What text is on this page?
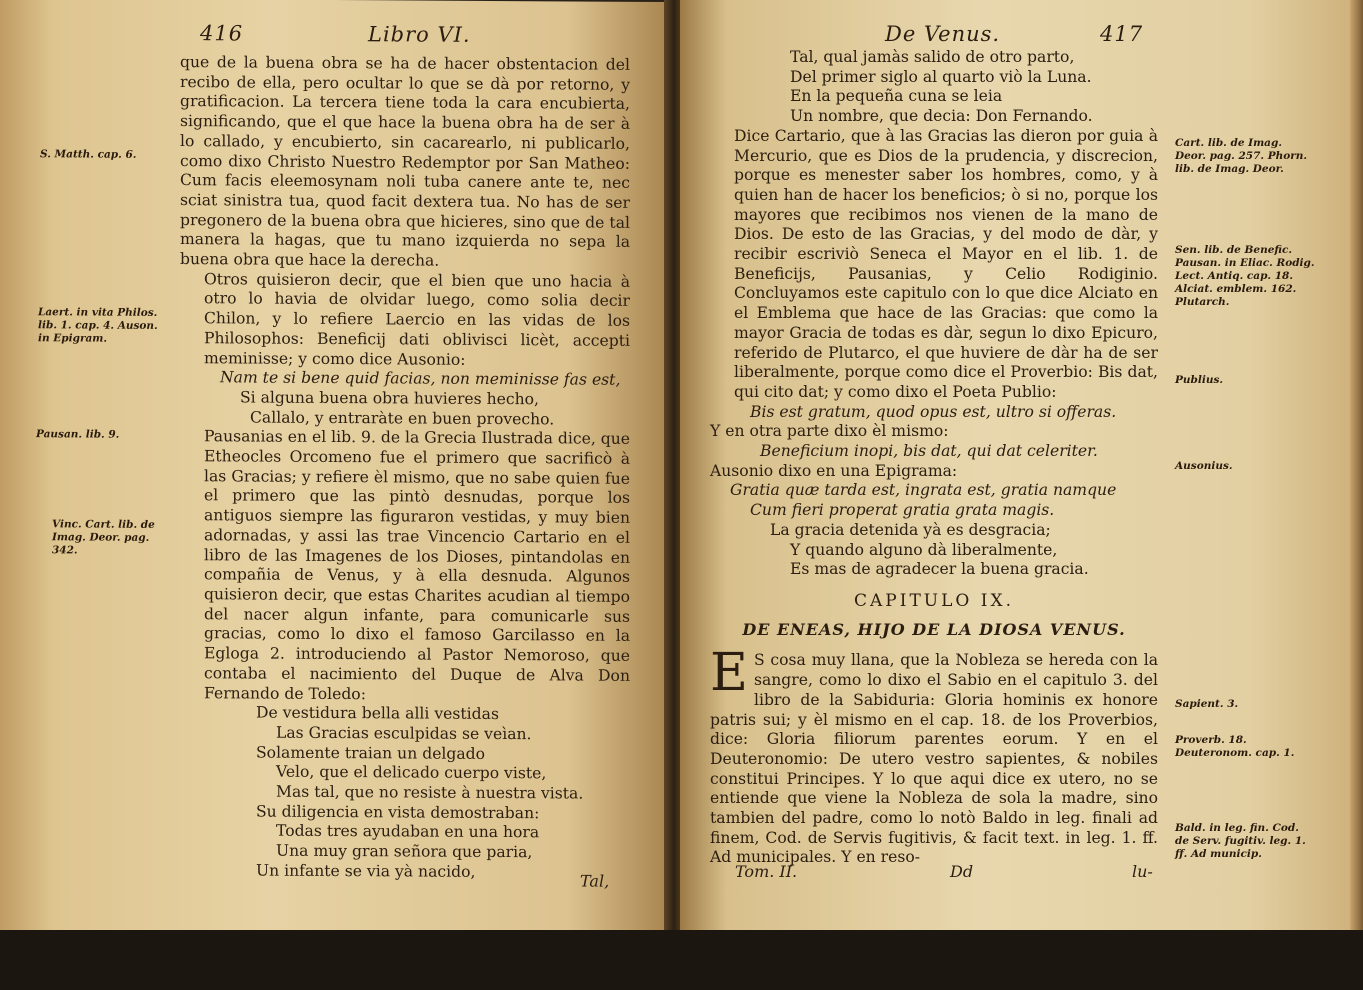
416	Libro VI.
S. Matth. cap. 6.
Laert. in vita Philos. lib. 1. cap. 4. Auson. in Epigram.
Pausan. lib. 9.
Vinc. Cart. lib. de Imag. Deor. pag. 342.

que de la buena obra se ha de hacer obstentacion del recibo de ella, pero ocultar lo que se dà por retorno, y gratificacion. La tercera tiene toda la cara encubierta, significando, que el que hace la buena obra ha de ser à lo callado, y encubierto, sin cacarearlo, ni publicarlo, como dixo Christo Nuestro Redemptor por San Matheo: Cum facis eleemosynam noli tuba canere ante te, nec sciat sinistra tua, quod facit dextera tua. No has de ser pregonero de la buena obra que hicieres, sino que de tal manera la hagas, que tu mano izquierda no sepa la buena obra que hace la derecha.

Otros quisieron decir, que el bien que uno hacia à otro lo havia de olvidar luego, como solia decir Chilon, y lo refiere Laercio en las vidas de los Philosophos: Beneficij dati oblivisci licèt, accepti meminisse; y como dice Ausonio:

Nam te si bene quid facias, non meminisse fas est,
Si alguna buena obra huvieres hecho,
Callalo, y entraràte en buen provecho.

Pausanias en el lib. 9. de la Grecia Ilustrada dice, que Etheocles Orcomeno fue el primero que sacrificò à las Gracias; y refiere èl mismo, que no sabe quien fue el primero que las pintò desnudas, porque los antiguos siempre las figuraron vestidas, y muy bien adornadas, y assi las trae Vincencio Cartario en el libro de las Imagenes de los Dioses, pintandolas en compañia de Venus, y à ella desnuda. Algunos quisieron decir, que estas Charites acudian al tiempo del nacer algun infante, para comunicarle sus gracias, como lo dixo el famoso Garcilasso en la Egloga 2. introduciendo al Pastor Nemoroso, que contaba el nacimiento del Duque de Alva Don Fernando de Toledo:

De vestidura bella alli vestidas
Las Gracias esculpidas se veìan.
Solamente traian un delgado
Velo, que el delicado cuerpo viste,
Mas tal, que no resiste à nuestra vista.
Su diligencia en vista demostraban:
Todas tres ayudaban en una hora
Una muy gran señora que paria,
Un infante se via yà nacido,
Tal,
De Venus.	417
Tal, qual jamàs salido de otro parto,
Del primer siglo al quarto viò la Luna.
En la pequeña cuna se leia
Un nombre, que decia: Don Fernando.

Dice Cartario, que à las Gracias las dieron por guia à Mercurio, que es Dios de la prudencia, y discrecion, porque es menester saber los hombres, como, y à quien han de hacer los beneficios; ò si no, porque los mayores que recibimos nos vienen de la mano de Dios. De esto de las Gracias, y del modo de dàr, y recibir escriviò Seneca el Mayor en el lib. 1. de Beneficijs, Pausanias, y Celio Rodiginio. Concluyamos este capitulo con lo que dice Alciato en el Emblema que hace de las Gracias: que como la mayor Gracia de todas es dàr, segun lo dixo Epicuro, referido de Plutarco, el que huviere de dàr ha de ser liberalmente, porque como dice el Proverbio: Bis dat, qui cito dat; y como dixo el Poeta Publio:

Bis est gratum, quod opus est, ultro si offeras.
Y en otra parte dixo èl mismo:
Beneficium inopi, bis dat, qui dat celeriter.
Ausonio dixo en una Epigrama:
Gratia quæ tarda est, ingrata est, gratia namque
Cum fieri properat gratia grata magis.
La gracia detenida yà es desgracia;
Y quando alguno dà liberalmente,
Es mas de agradecer la buena gracia.
CAPITULO IX.
DE ENEAS, HIJO DE LA DIOSA VENUS.

E S cosa muy llana, que la Nobleza se hereda con la sangre, como lo dixo el Sabio en el capitulo 3. del libro de la Sabiduria: Gloria hominis ex honore patris sui; y èl mismo en el cap. 18. de los Proverbios, dice: Gloria filiorum parentes eorum. Y en el Deuteronomio: De utero vestro sapientes, & nobiles constitui Principes. Y lo que aqui dice ex utero, no se entiende que viene la Nobleza de sola la madre, sino tambien del padre, como lo notò Baldo in leg. finali ad finem, Cod. de Servis fugitivis, & facit text. in leg. 1. ff. Ad municipales. Y en reso-

Cart. lib. de Imag. Deor. pag. 257. Phorn. lib. de Imag. Deor.
Sen. lib. de Benefic. Pausan. in Eliac. Rodig. Lect. Antiq. cap. 18. Alciat. emblem. 162. Plutarch.
Publius.
Ausonius.
Sapient. 3.
Proverb. 18. Deuteronom. cap. 1.
Bald. in leg. fin. Cod. de Serv. fugitiv. leg. 1. ff. Ad municip.
Tom. II.	Dd	lu-
